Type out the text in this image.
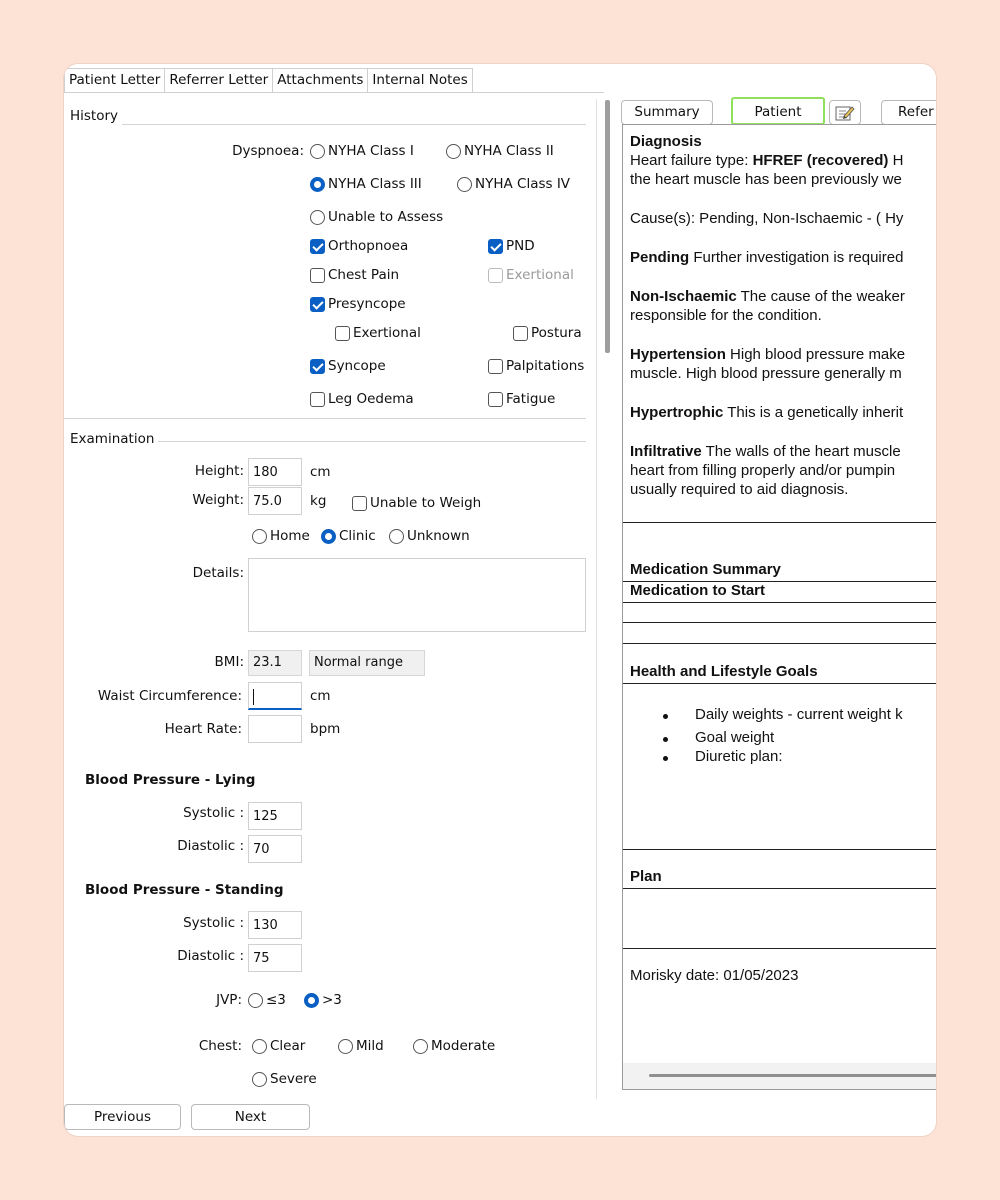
Patient Letter Referrer Letter Attachments Internal Notes
History
Dyspnoea: NYHA Class I	NYHA Class II
NYHA Class III	NYHA Class IV
Unable to Assess
Orthopnoea	PND
Chest Pain	Exertional
Presyncope
Exertional	Postura
Syncope	Palpitations
Leg Oedema	Fatigue
Examination
Height: 180	cm
Weight: 75.0	kg	Unable to Weigh
Home Clinic Unknown
Details:
BMI: 23.1	Normal range
Waist Circumference:	cm
Heart Rate:	bpm
Blood Pressure - Lying
Systolic : 125
Diastolic : 70
Blood Pressure - Standing
Systolic : 130
Diastolic : 75
JVP: ≤3	>3
Chest: Clear	Mild	Moderate
Severe
Previous	Next
Summary	Patient	Refer
Diagnosis
Heart failure type: HFREF (recovered) H
the heart muscle has been previously we
Cause(s): Pending, Non-Ischaemic - ( Hy
Pending Further investigation is required
Non-Ischaemic The cause of the weaker
responsible for the condition.
Hypertension High blood pressure make
muscle. High blood pressure generally m
Hypertrophic This is a genetically inherit
Infiltrative The walls of the heart muscle
heart from filling properly and/or pumpin
usually required to aid diagnosis.
Medication Summary
Medication to Start
Health and Lifestyle Goals
Daily weights - current weight k
Goal weight
Diuretic plan:
Plan
Morisky date: 01/05/2023
